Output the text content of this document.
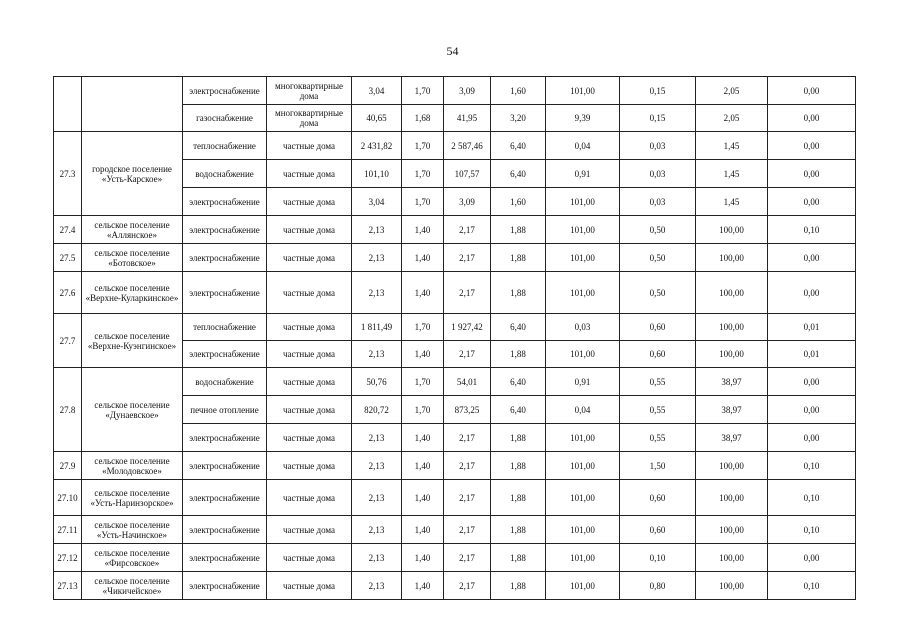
54
		электроснабжение	многоквартирные дома	3,04	1,70	3,09	1,60	101,00	0,15	2,05	0,00
		газоснабжение	многоквартирные дома	40,65	1,68	41,95	3,20	9,39	0,15	2,05	0,00
27.3	городское поселение «Усть-Карское»	теплоснабжение	частные дома	2 431,82	1,70	2 587,46	6,40	0,04	0,03	1,45	0,00
		водоснабжение	частные дома	101,10	1,70	107,57	6,40	0,91	0,03	1,45	0,00
		электроснабжение	частные дома	3,04	1,70	3,09	1,60	101,00	0,03	1,45	0,00
27.4	сельское поселение «Аллянское»	электроснабжение	частные дома	2,13	1,40	2,17	1,88	101,00	0,50	100,00	0,10
27.5	сельское поселение «Ботовское»	электроснабжение	частные дома	2,13	1,40	2,17	1,88	101,00	0,50	100,00	0,00
27.6	сельское поселение «Верхне-Куларкинское»	электроснабжение	частные дома	2,13	1,40	2,17	1,88	101,00	0,50	100,00	0,00
27.7	сельское поселение «Верхне-Куэнгинское»	теплоснабжение	частные дома	1 811,49	1,70	1 927,42	6,40	0,03	0,60	100,00	0,01
		электроснабжение	частные дома	2,13	1,40	2,17	1,88	101,00	0,60	100,00	0,01
27.8	сельское поселение «Дунаевское»	водоснабжение	частные дома	50,76	1,70	54,01	6,40	0,91	0,55	38,97	0,00
		печное отопление	частные дома	820,72	1,70	873,25	6,40	0,04	0,55	38,97	0,00
		электроснабжение	частные дома	2,13	1,40	2,17	1,88	101,00	0,55	38,97	0,00
27.9	сельское поселение «Молодовское»	электроснабжение	частные дома	2,13	1,40	2,17	1,88	101,00	1,50	100,00	0,10
27.10	сельское поселение «Усть-Наринзорское»	электроснабжение	частные дома	2,13	1,40	2,17	1,88	101,00	0,60	100,00	0,10
27.11	сельское поселение «Усть-Начинское»	электроснабжение	частные дома	2,13	1,40	2,17	1,88	101,00	0,60	100,00	0,10
27.12	сельское поселение «Фирсовское»	электроснабжение	частные дома	2,13	1,40	2,17	1,88	101,00	0,10	100,00	0,00
27.13	сельское поселение «Чикичейское»	электроснабжение	частные дома	2,13	1,40	2,17	1,88	101,00	0,80	100,00	0,10
